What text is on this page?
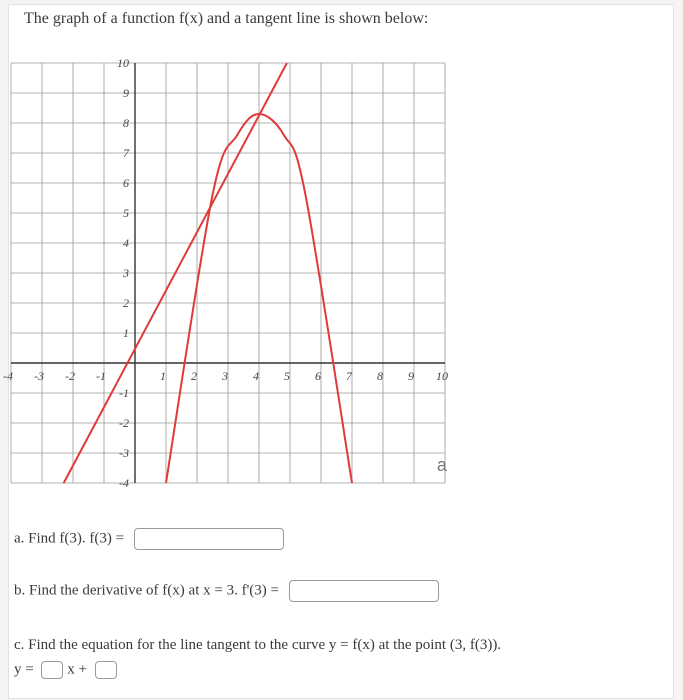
The graph of a function f(x) and a tangent line is shown below:
-4 -3 -2 -1	1 2 3 4 5 6 7 8 9 10
10
9
8
7
6
5
4
3
2
1
-1
-2
-3
-4
a
a. Find f(3). f(3) =
b. Find the derivative of f(x) at x = 3. f'(3) =
c. Find the equation for the line tangent to the curve y = f(x) at the point (3, f(3)).
y = x +
